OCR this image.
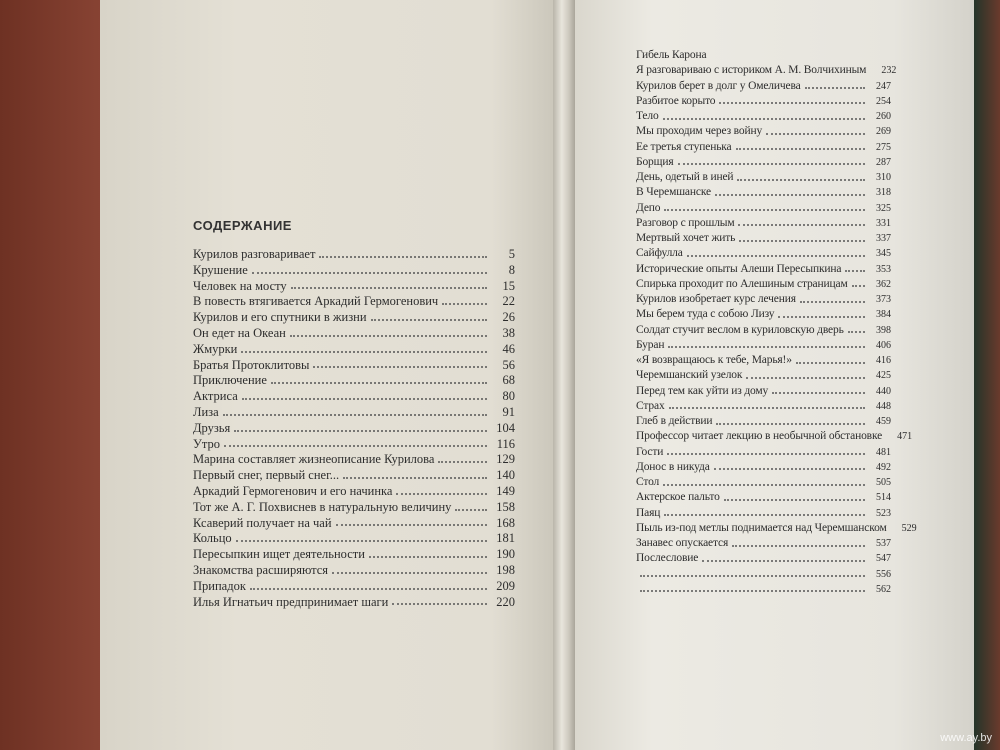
СОДЕРЖАНИЕ
Курилов разговаривает	5
Крушение	8
Человек на мосту	15
В повесть втягивается Аркадий Гермогенович	22
Курилов и его спутники в жизни	26
Он едет на Океан	38
Жмурки	46
Братья Протоклитовы	56
Приключение	68
Актриса	80
Лиза	91
Друзья	104
Утро	116
Марина составляет жизнеописание Курилова	129
Первый снег, первый снег...	140
Аркадий Гермогенович и его начинка	149
Тот же А. Г. Похвиснев в натуральную величину	158
Ксаверий получает на чай	168
Кольцо	181
Пересыпкин ищет деятельности	190
Знакомства расширяются	198
Припадок	209
Илья Игнатьич предпринимает шаги	220
Гибель Карона
Я разговариваю с историком А. М. Волчихиным	232
Курилов берет в долг у Омеличева	247
Разбитое корыто	254
Тело	260
Мы проходим через войну	269
Ее третья ступенька	275
Борщия	287
День, одетый в иней	310
В Черемшанске	318
Депо	325
Разговор с прошлым	331
Мертвый хочет жить	337
Сайфулла	345
Исторические опыты Алеши Пересыпкина	353
Спирька проходит по Алешиным страницам	362
Курилов изобретает курс лечения	373
Мы берем туда с собою Лизу	384
Солдат стучит веслом в куриловскую дверь	398
Буран	406
«Я возвращаюсь к тебе, Марья!»	416
Черемшанский узелок	425
Перед тем как уйти из дому	440
Страх	448
Глеб в действии	459
Профессор читает лекцию в необычной обстановке	471
Гости	481
Донос в никуда	492
Стол	505
Актерское пальто	514
Паяц	523
Пыль из-под метлы поднимается над Черемшанском	529
Занавес опускается	537
Послесловие	547
556
562
www.ay.by
